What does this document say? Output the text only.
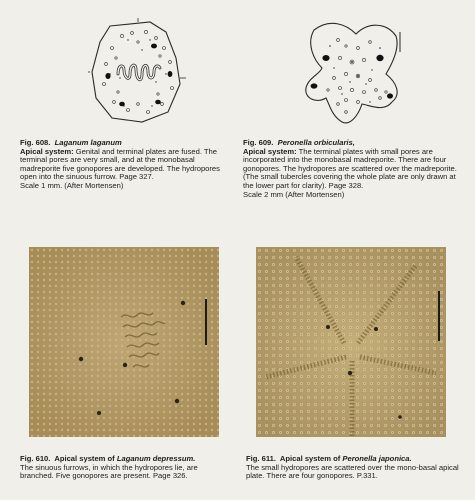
Fig. 608. Laganum laganum

Apical system: Genital and terminal plates are fused. The terminal pores are very small, and at the monobasal madreporite five gonopores are developed. The hydropores open into the sinuous furrow. Page 327.

Scale 1 mm. (After Mortensen)

Fig. 609. Peronella orbicularis,

Apical system: The terminal plates with small pores are incorporated into the monobasal madreporite. There are four gonopores. The hydropores are scattered over the madreporite. (The small tubercles covering the whole plate are only drawn at the lower part for clarity). Page 328.

Scale 2 mm (After Mortensen)

Fig. 610. Apical system of Laganum depressum.

The sinuous furrows, in which the hydropores lie, are branched. Five gonopores are present. Page 326.

Fig. 611. Apical system of Peronella japonica.

The small hydropores are scattered over the mono-basal apical plate. There are four gonopores. P.331.
